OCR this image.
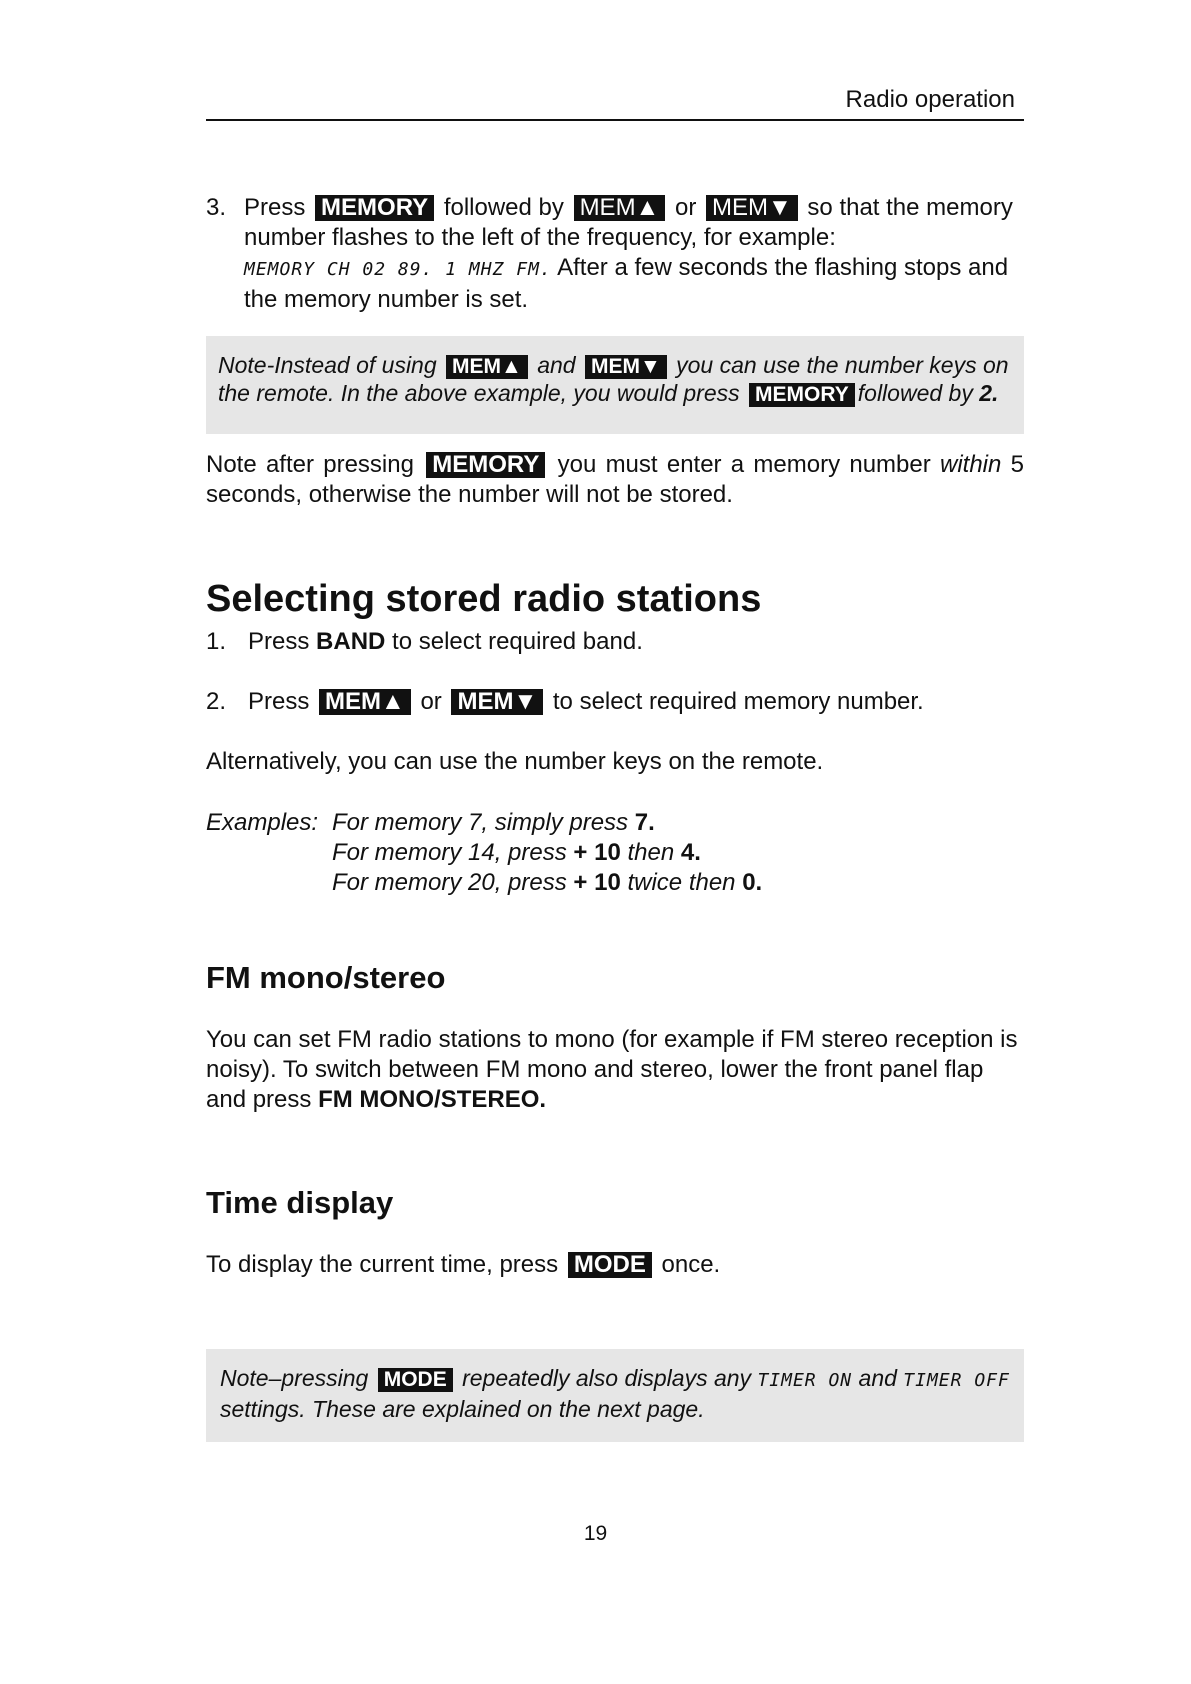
Radio operation
3. Press MEMORY followed by MEM▲ or MEM▼ so that the memory number flashes to the left of the frequency, for example:
MEMORY CH 02 89. 1 MHZ FM. After a few seconds the flashing stops and the memory number is set.
Note-Instead of using MEM▲ and MEM▼ you can use the number keys on the remote. In the above example, you would press MEMORY followed by 2.
Note after pressing MEMORY you must enter a memory number within 5 seconds, otherwise the number will not be stored.
Selecting stored radio stations
1. Press BAND to select required band.
2. Press MEM▲ or MEM▼ to select required memory number.
Alternatively, you can use the number keys on the remote.
Examples: For memory 7, simply press 7.
For memory 14, press + 10 then 4.
For memory 20, press + 10 twice then 0.
FM mono/stereo
You can set FM radio stations to mono (for example if FM stereo reception is noisy). To switch between FM mono and stereo, lower the front panel flap and press FM MONO/STEREO.
Time display
To display the current time, press MODE once.
Note–pressing MODE repeatedly also displays any TIMER ON and TIMER OFF settings. These are explained on the next page.
19
